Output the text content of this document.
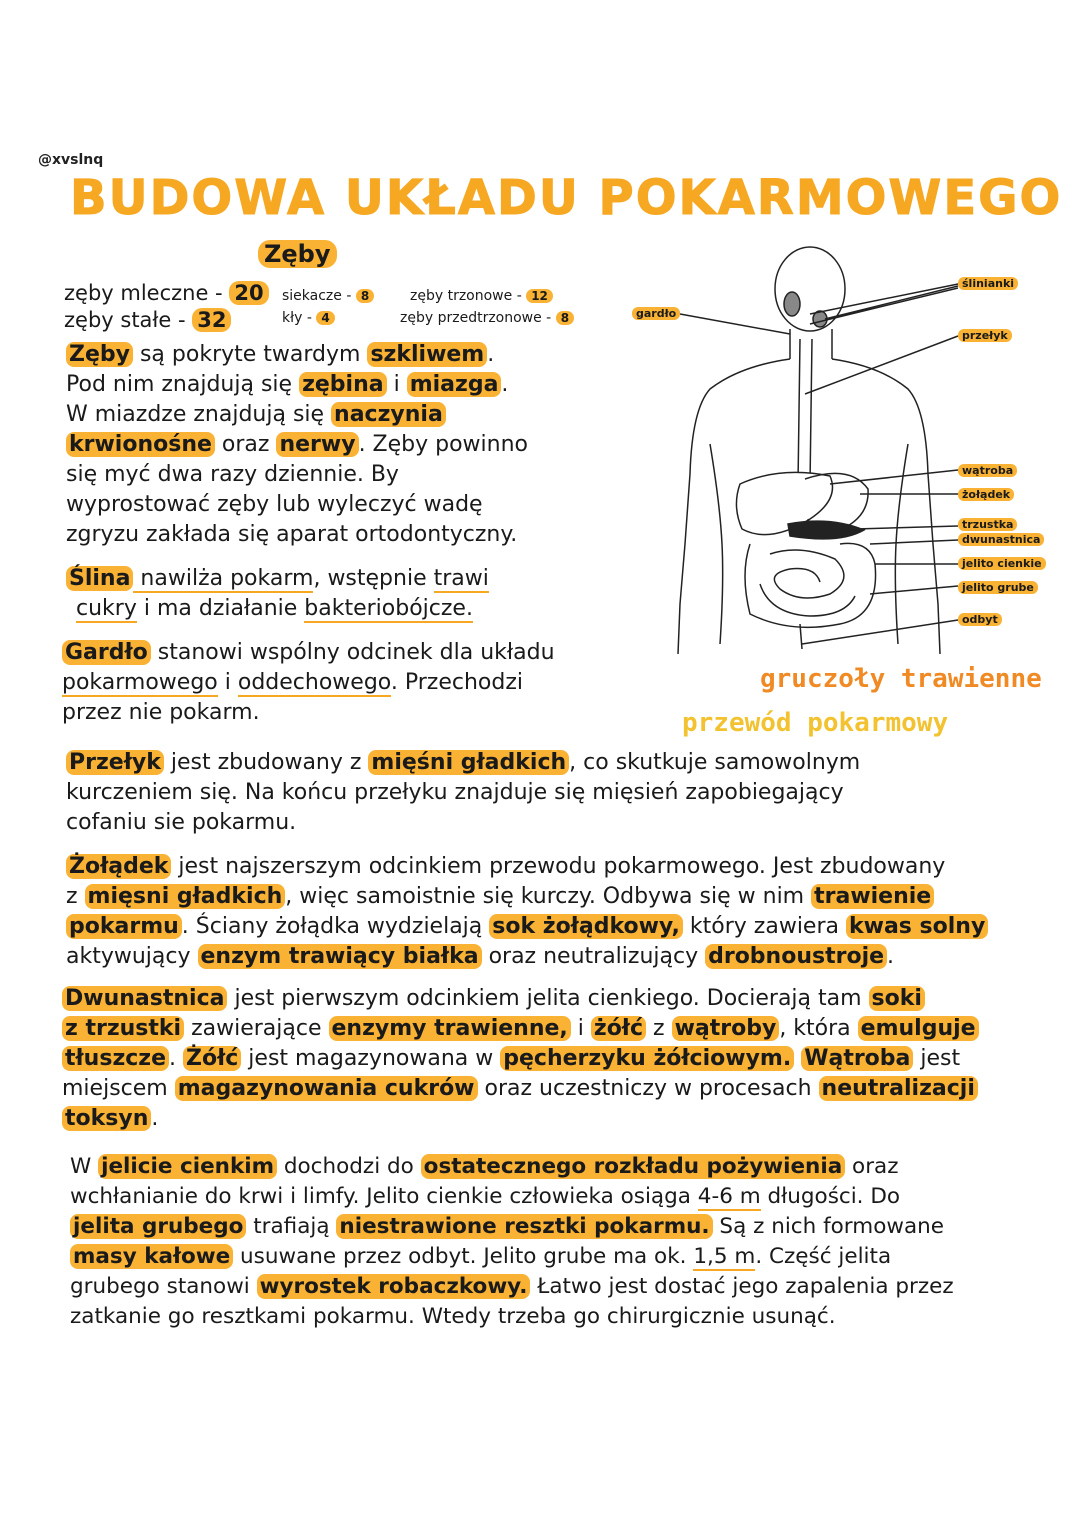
@xvslnq
BUDOWA UKŁADU POKARMOWEGO
Zęby
zęby mleczne - 20
zęby stałe - 32
siekacze - 8
kły - 4
zęby trzonowe - 12
zęby przedtrzonowe - 8
Zęby są pokryte twardym szkliwem .
Pod nim znajdują się zębina i miazga .
W miazdze znajdują się naczynia
krwionośne oraz nerwy . Zęby powinno
się myć dwa razy dziennie. By
wyprostować zęby lub wyleczyć wadę
zgryzu zakłada się aparat ortodontyczny.
Ślina nawilża pokarm, wstępnie trawi
cukry i ma działanie bakteriobójcze.
Gardło stanowi wspólny odcinek dla układu
pokarmowego i oddechowego. Przechodzi
przez nie pokarm.
ślinianki
przełyk
gardło
wątroba
żołądek
trzustka
dwunastnica
jelito cienkie
jelito grube
odbyt
gruczoły trawienne
przewód pokarmowy
Przełyk jest zbudowany z mięśni gładkich , co skutkuje samowolnym
kurczeniem się. Na końcu przełyku znajduje się mięsień zapobiegający
cofaniu sie pokarmu.
Żołądek jest najszerszym odcinkiem przewodu pokarmowego. Jest zbudowany
z mięsni gładkich , więc samoistnie się kurczy. Odbywa się w nim trawienie
pokarmu . Ściany żołądka wydzielają sok żołądkowy, który zawiera kwas solny
aktywujący enzym trawiący białka oraz neutralizujący drobnoustroje .
Dwunastnica jest pierwszym odcinkiem jelita cienkiego. Docierają tam soki
z trzustki zawierające enzymy trawienne, i żółć z wątroby , która emulguje
tłuszcze . Żółć jest magazynowana w pęcherzyku żółciowym. Wątroba jest
miejscem magazynowania cukrów oraz uczestniczy w procesach neutralizacji
toksyn .
W jelicie cienkim dochodzi do ostatecznego rozkładu pożywienia oraz
wchłanianie do krwi i limfy. Jelito cienkie człowieka osiąga 4-6 m długości. Do
jelita grubego trafiają niestrawione resztki pokarmu. Są z nich formowane
masy kałowe usuwane przez odbyt. Jelito grube ma ok. 1,5 m. Część jelita
grubego stanowi wyrostek robaczkowy. Łatwo jest dostać jego zapalenia przez
zatkanie go resztkami pokarmu. Wtedy trzeba go chirurgicznie usunąć.
